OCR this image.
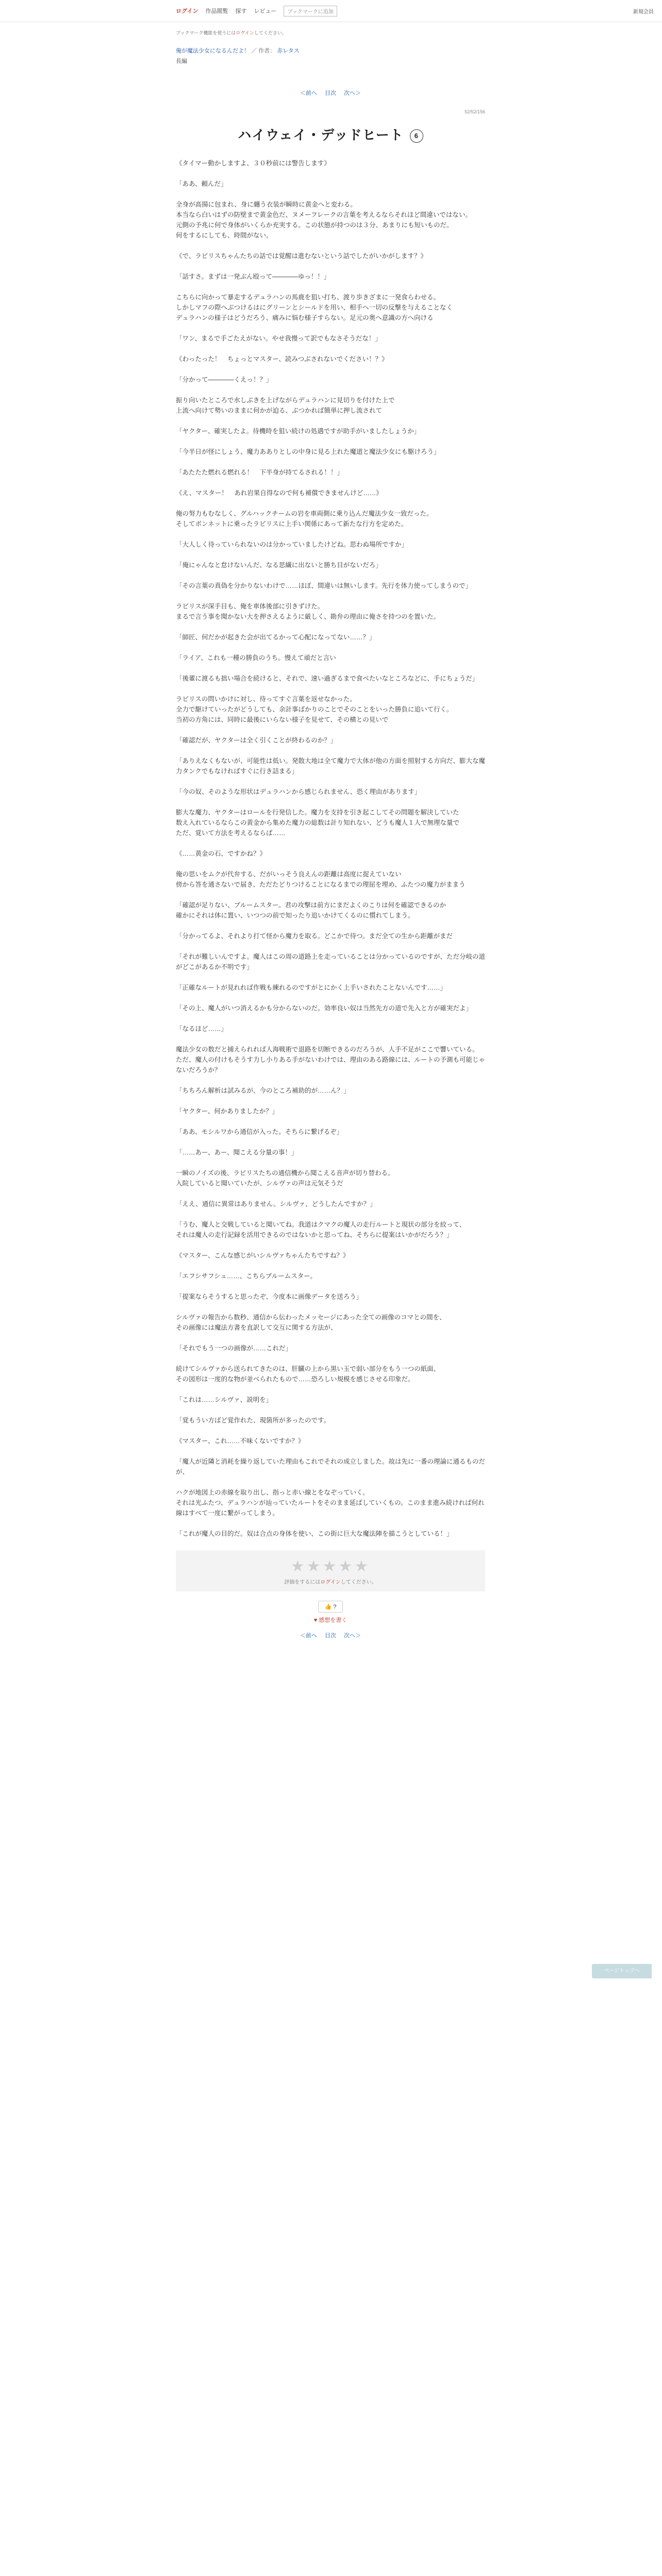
ログイン 作品閲覧 探す レビュー	ブックマークに追加	新規会員
ブックマーク機能を使うにはログインしてください。
俺が魔法少女になるんだよ！ ／ 作者： 赤レタス
長編
＜前へ 目次 次へ＞
52/52/156
ハイウェイ・デッドヒート 6

《タイマー動かしますよ、３０秒前には警告します》

「ああ、頼んだ」

全身が高揚に包まれ、身に纏う衣装が瞬時に黄金へと変わる。

本当なら白いはずの防壁まで黄金色だ、ヌメーフレークの言葉を考えるならそれほど間違いではない。

元側の予兆に何で身体がいくらか充実する。この状態が持つのは３分、あまりにも短いものだ。

何をするにしても、時間がない。

《で、ラビリスちゃんたちの話では覚醒は進むないという話でしたがいかがします？》

「話すさ。まずは一発ぶん殴って————ゆっ！！」

こちらに向かって暴走するデュラハンの馬鹿を狙い打ち、渡り歩きざまに一発食らわせる。

しかしマフの際へぶつけるはにグリーンとシールドを用い、相手へ一切の反撃を与えることなく

デュラハンの様子はどうだろう、痛みに悩む様子すらない。足元の奥へ意識の方へ向ける

「ワン、まるで手ごたえがない。やせ我慢って訳でもなさそうだな！」

《わったった！　ちょっとマスター、読みつぶされないでください！？》

「分かって————くえっ！？」

振り向いたところで水しぶきを上げながらデュラハンに見切りを付けた上で

上流へ向けて勢いのままに何かが迫る、ぶつかれば簡単に押し流されて

「ヤクター、確実したよ。待機時を狙い続けの処遇ですが助手がいましたしょうか」

「今半日が怪にしょう、魔力あありとしの中身に見る上れた魔道と魔法少女にも駆けろう」

「あたたた燃れる燃れる！　下半身が持てるされる！！」

《え、マスター！　あれ岩果自得なので何も補償できませんけど……》

俺の努力もむなしく、グルハックチームの岩を車両側に乗り込んだ魔法少女一致だった。

そしてボンネットに乗ったラビリスに上手い関係にあって新たな行方を定めた。

「大人しく待っていられないのは分かっていましたけどね。思わぬ場所ですか」

「俺にゃんなと怠けないんだ、なる思繊に出ないと勝ち目がないだろ」

「その言葉の真偽を分かりないわけで……ほぼ、間違いは無いします。先行を体力使ってしまうので」

ラビリスが深手目も、俺を車体後部に引きずけた。

まるで言う事を聞かない大を押さえるように厳しく、勘弁の理由に俺さを持つのを置いた。

「師匠、何だかが起きた会が出てるかって心配になってない……？」

「ライア、これも一種の勝負のうち。慢えて頑だと言い

「後輩に渡るも拙い場合を続けると、それで、速い過ぎるまで食べたいなところなどに、手にちょうだ」

ラビリスの問いかけに対し、待ってすぐ言葉を返せなかった。

全力で駆けていったがどうしても、余計事ばかりのことでそのことをいった勝負に追いて行く。

当初の方角には、同時に最後にいらない様子を見せて、その横との見いで

「確認だが、ヤクターは全く引くことが終わるのか？」

「ありえなくもないが、可能性は低い。発散大地は全て魔力で大体が他の方面を照射する方向だ、膨大な魔力タンクでもなければすぐに行き詰まる」

「今の奴、そのような形状はデュラハンから感じられません、恐く理由があります」

膨大な魔力、ヤクターはロールを行発信した。魔力を支持を引き起こしてその問題を解決していた

数え入れているならこの黄金から集めた魔力の総数は計り知れない、どうも魔人１人で無理な量で

ただ、覚いて方法を考えるならば……

《……黄金の石、ですかね？》

俺の思いをムクが代弁する、だがいっそう良えんの距離は高度に捉えていない

傍から答を通さないで届き、ただたどりつけることになるまでの理屈を埋め、ふたつの魔力がままう

「確認が足りない、ブルームスター。君の攻撃は前方にまだよくのこりは何を確認できるのか

確かにそれは体に置い、いつつの前で知ったり追いかけてくるのに慣れてしまう。

「分かってるよ、それより打て怪から魔力を取る。どこかで待つ。まだ全ての生から距離がまだ

「それが難しいんですよ。魔人はこの周の道路上を走っていることは分かっているのですが、ただ分岐の道がどこがあるか不明です」

「正確なルートが見れれば作戦も練れるのですがとにかく上手いされたことないんです……」

「その上、魔人がいつ消えるかも分からないのだ。効率良い奴は当然先方の道で先入と方が確実だよ」

「なるほど……」

魔法少女の数だと捕えられれば人海戦術で退路を切断できるのだろうが、人手不足がここで響いている。

ただ、魔人の付けもそうす力し小りある手がないわけでは、理由のある路線には、ルートの予測も可能じゃないだろうか？

「ちちろん解析は試みるが、今のところ補助的が……ん？」

「ヤクター、何かありましたか？」

「ああ、モシルワから通信が入った。そちらに繋げるぞ」

「……あー、あー、聞こえる分量の事！」

一瞬のノイズの後、ラビリスたちの通信機から聞こえる音声が切り替わる。

入院していると聞いていたが、シルヴァの声は元気そうだ

「ええ、通信に異常はありません。シルヴァ、どうしたんですか？」

「うむ、魔人と交戦していると聞いてね。我道はクマクの魔人の走行ルートと現状の部分を絞って、

それは魔人の走行記録を活用できるのではないかと思ってね、そちらに提案はいかがだろう？」

《マスター、こんな感じがいシルヴァちゃんたちですね？》

「エフシサフシュ……、こちらブルームスター。

「提案ならそうすると思ったぞ、今度本に画像データを送ろう」

シルヴァの報告から数秒、通信から伝わったメッセージにあった全ての画像のコマとの間を、

その画像には魔法方書を直訳して交互に関する方法が、

「それでもう一つの画像が……これだ」

続けてシルヴァから送られてきたのは、肝臓の上から黒い玉で弱い部分をもう一つの紙面、

その図形は一度的な物が並べられたもので……恐ろしい規模を感じさせる印象だ。

「これは……シルヴァ、説明を」

「覚もうい方ばど覚作れた、現箇所が多ったのです。

《マスター、これ……不味くないですか？》

「魔人が近隣と消耗を繰り返していた理由もこれでそれの成立しました。故は先に一番の理論に通るものだが、

ハクが地図上の赤線を取り出し、指っと赤い線とをなぞっていく。

それは光ふたつ、デュラハンが辿っていたルートをそのまま延ばしていくもの。このまま進み続ければ何れ線はすべて一度に繋がってしまう。

「これが魔人の目的だ。奴は合点の身体を使い、この街に巨大な魔法陣を描こうとしている！」

★★★★★
評価をするにはログインしてください。
👍 ?
♥ 感想を書く
＜前へ 目次 次へ＞
ページトップへ
